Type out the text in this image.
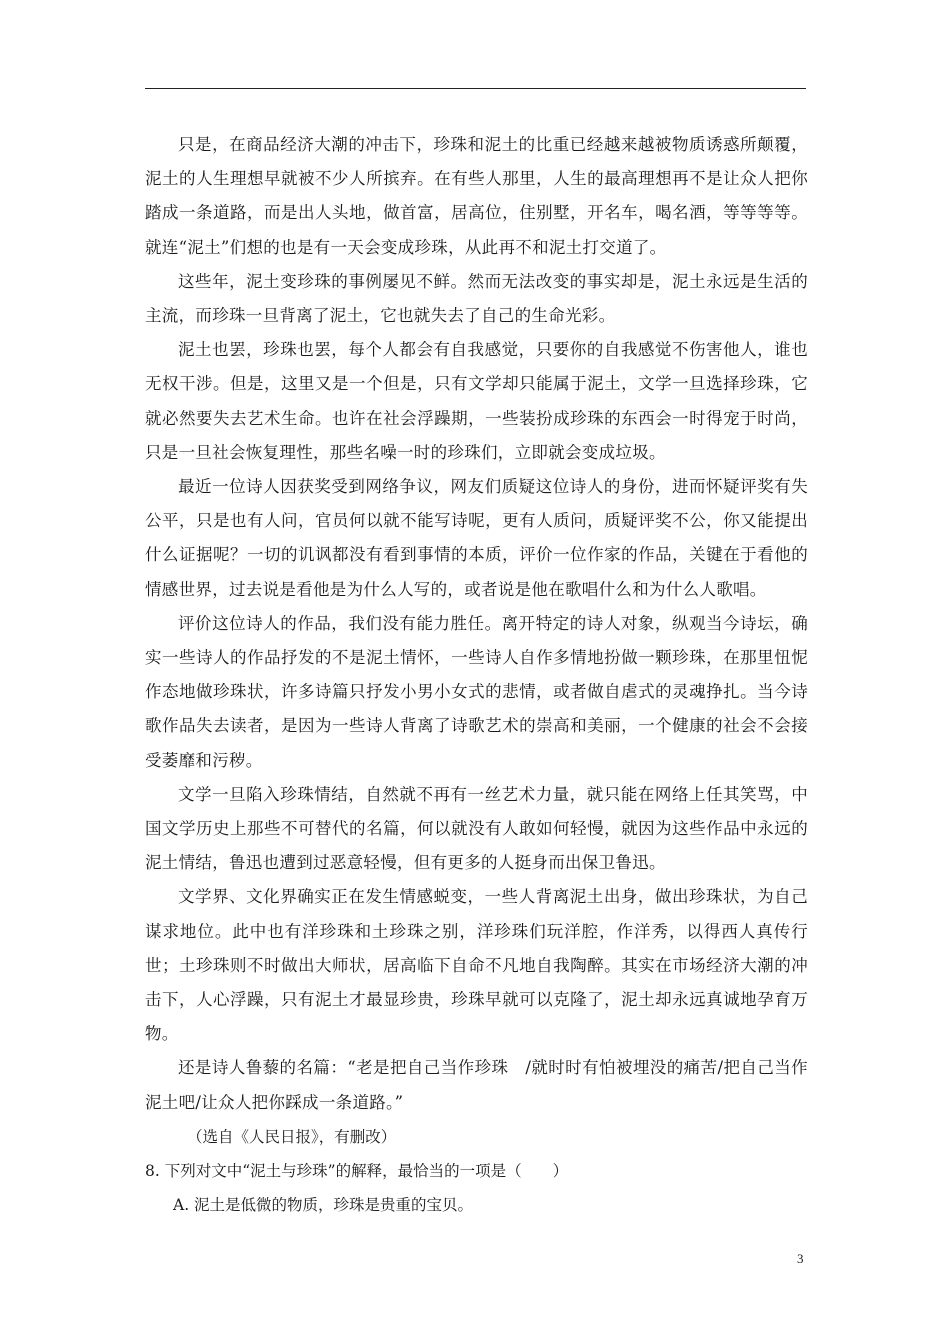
只是，在商品经济大潮的冲击下，珍珠和泥土的比重已经越来越被物质诱惑所颠覆，泥土的人生理想早就被不少人所摈弃。在有些人那里，人生的最高理想再不是让众人把你踏成一条道路，而是出人头地，做首富，居高位，住别墅，开名车，喝名酒，等等等等。就连“泥土”们想的也是有一天会变成珍珠，从此再不和泥土打交道了。

这些年，泥土变珍珠的事例屡见不鲜。然而无法改变的事实却是，泥土永远是生活的主流，而珍珠一旦背离了泥土，它也就失去了自己的生命光彩。

泥土也罢，珍珠也罢，每个人都会有自我感觉，只要你的自我感觉不伤害他人，谁也无权干涉。但是，这里又是一个但是，只有文学却只能属于泥土，文学一旦选择珍珠，它就必然要失去艺术生命。也许在社会浮躁期，一些装扮成珍珠的东西会一时得宠于时尚，只是一旦社会恢复理性，那些名噪一时的珍珠们，立即就会变成垃圾。

最近一位诗人因获奖受到网络争议，网友们质疑这位诗人的身份，进而怀疑评奖有失公平，只是也有人问，官员何以就不能写诗呢，更有人质问，质疑评奖不公，你又能提出什么证据呢？一切的讥讽都没有看到事情的本质，评价一位作家的作品，关键在于看他的情感世界，过去说是看他是为什么人写的，或者说是他在歌唱什么和为什么人歌唱。

评价这位诗人的作品，我们没有能力胜任。离开特定的诗人对象，纵观当今诗坛，确实一些诗人的作品抒发的不是泥土情怀，一些诗人自作多情地扮做一颗珍珠，在那里忸怩作态地做珍珠状，许多诗篇只抒发小男小女式的悲情，或者做自虐式的灵魂挣扎。当今诗歌作品失去读者，是因为一些诗人背离了诗歌艺术的崇高和美丽，一个健康的社会不会接受萎靡和污秽。

文学一旦陷入珍珠情结，自然就不再有一丝艺术力量，就只能在网络上任其笑骂，中国文学历史上那些不可替代的名篇，何以就没有人敢如何轻慢，就因为这些作品中永远的泥土情结，鲁迅也遭到过恶意轻慢，但有更多的人挺身而出保卫鲁迅。

文学界、文化界确实正在发生情感蜕变，一些人背离泥土出身，做出珍珠状，为自己谋求地位。此中也有洋珍珠和土珍珠之别，洋珍珠们玩洋腔，作洋秀，以得西人真传行世；土珍珠则不时做出大师状，居高临下自命不凡地自我陶醉。其实在市场经济大潮的冲击下，人心浮躁，只有泥土才最显珍贵，珍珠早就可以克隆了，泥土却永远真诚地孕育万物。

还是诗人鲁藜的名篇：“老是把自己当作珍珠　/就时时有怕被埋没的痛苦/把自己当作泥土吧/让众人把你踩成一条道路。”

（选自《人民日报》，有删改）

8. 下列对文中“泥土与珍珠”的解释，最恰当的一项是（　　）

A. 泥土是低微的物质，珍珠是贵重的宝贝。

3
